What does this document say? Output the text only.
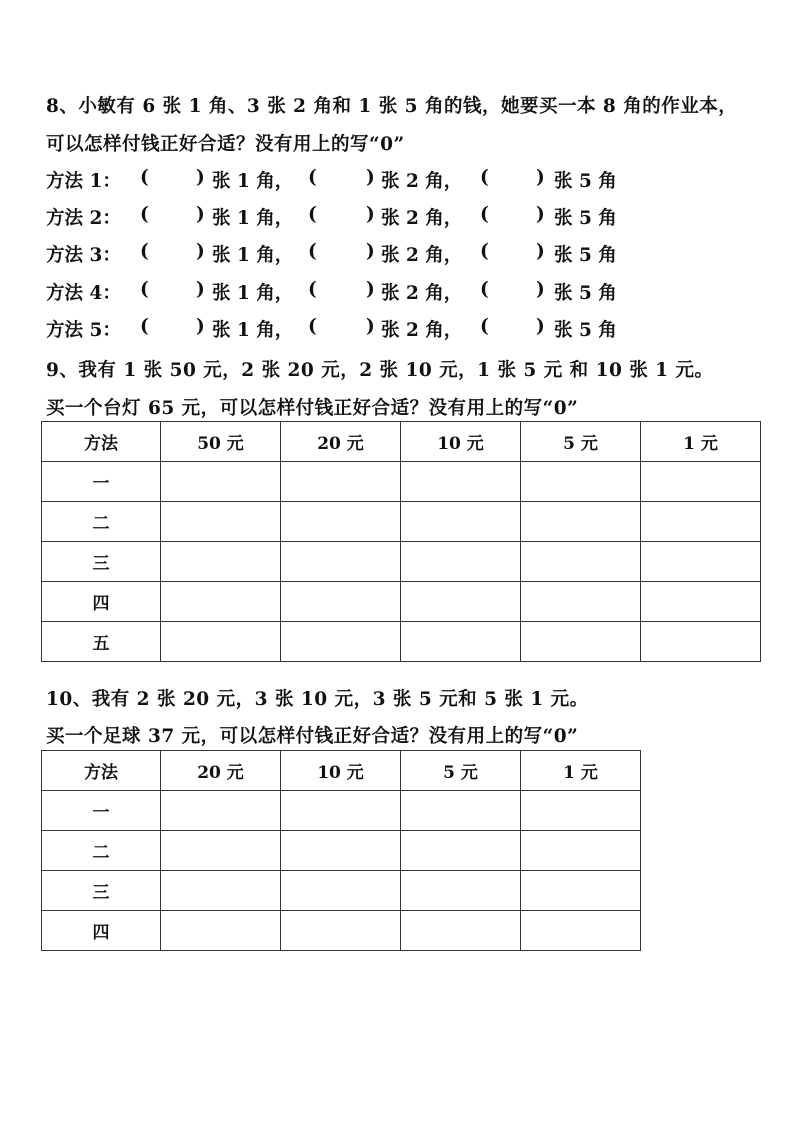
8、小敏有 6 张 1 角、3 张 2 角和 1 张 5 角的钱，她要买一本 8 角的作业本，
可以怎样付钱正好合适？没有用上的写“0”
方法 1： (	) 张 1 角， (	) 张 2 角， (	) 张 5 角
方法 2： (	) 张 1 角， (	) 张 2 角， (	) 张 5 角
方法 3： (	) 张 1 角， (	) 张 2 角， (	) 张 5 角
方法 4： (	) 张 1 角， (	) 张 2 角， (	) 张 5 角
方法 5： (	) 张 1 角， (	) 张 2 角， (	) 张 5 角
9、我有 1 张 50 元，2 张 20 元，2 张 10 元，1 张 5 元 和 10 张 1 元。
买一个台灯 65 元，可以怎样付钱正好合适？没有用上的写“0”
方法	50 元	20 元	10 元	5 元	1 元
一					
二					
三					
四					
五					
10、我有 2 张 20 元，3 张 10 元，3 张 5 元和 5 张 1 元。
买一个足球 37 元，可以怎样付钱正好合适？没有用上的写“0”
方法	20 元	10 元	5 元	1 元
一				
二				
三				
四				
